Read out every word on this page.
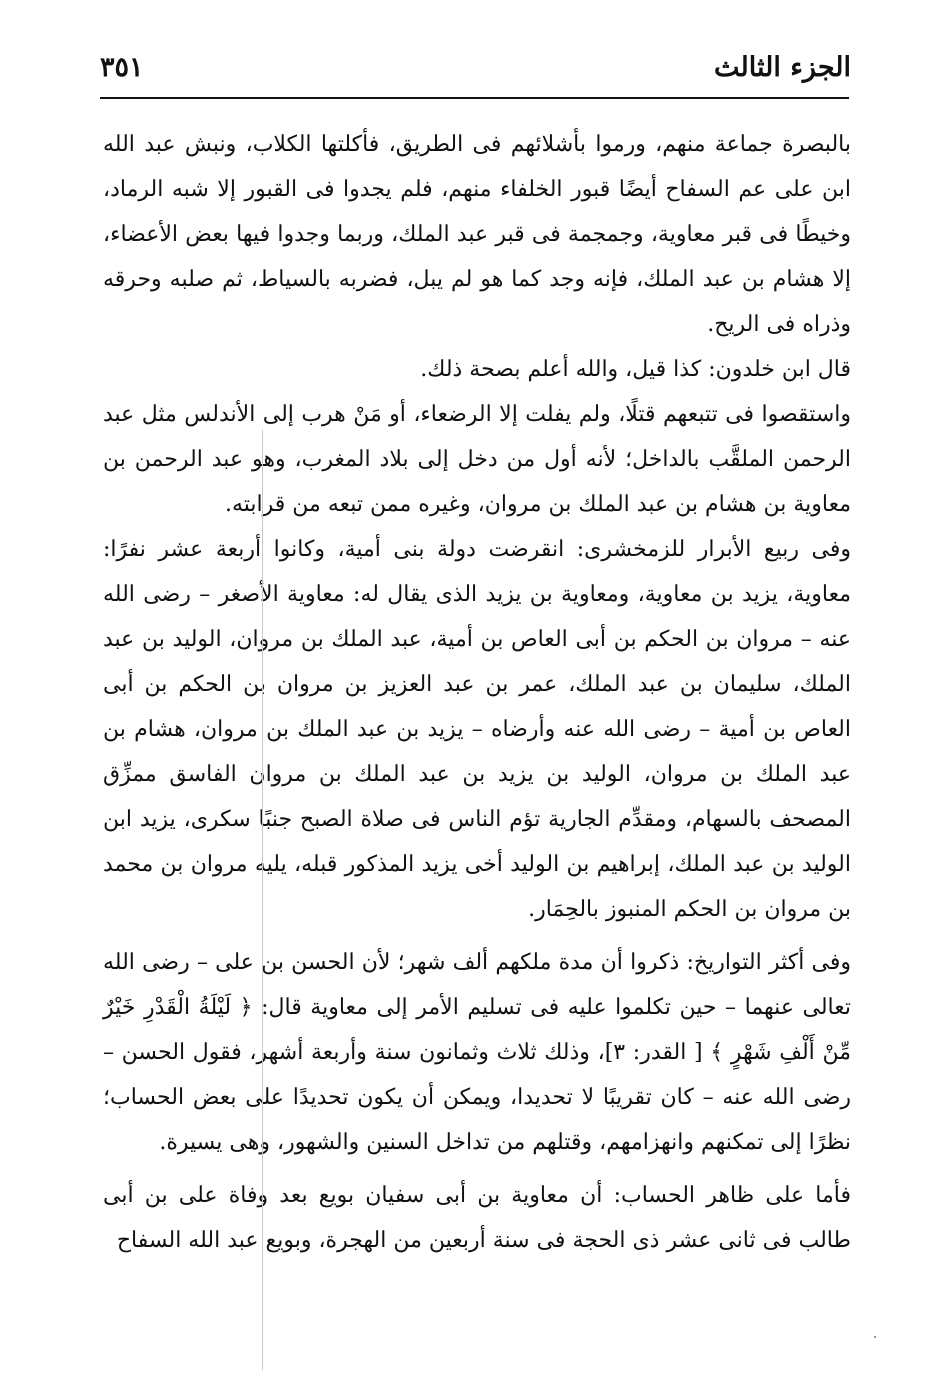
الجزء الثالث
٣٥١

بالبصرة جماعة منهم، ورموا بأشلائهم فى الطريق، فأكلتها الكلاب، ونبش عبد الله ابن على عم السفاح أيضًا قبور الخلفاء منهم، فلم يجدوا فى القبور إلا شبه الرماد، وخيطًا فى قبر معاوية، وجمجمة فى قبر عبد الملك، وربما وجدوا فيها بعض الأعضاء، إلا هشام بن عبد الملك، فإنه وجد كما هو لم يبل، فضربه بالسياط، ثم صلبه وحرقه وذراه فى الريح.

قال ابن خلدون: كذا قيل، والله أعلم بصحة ذلك.

واستقصوا فى تتبعهم قتلًا، ولم يفلت إلا الرضعاء، أو مَنْ هرب إلى الأندلس مثل عبد الرحمن الملقَّب بالداخل؛ لأنه أول من دخل إلى بلاد المغرب، وهو عبد الرحمن بن معاوية بن هشام بن عبد الملك بن مروان، وغيره ممن تبعه من قرابته.

وفى ربيع الأبرار للزمخشرى: انقرضت دولة بنى أمية، وكانوا أربعة عشر نفرًا: معاوية، يزيد بن معاوية، ومعاوية بن يزيد الذى يقال له: معاوية الأصغر – رضى الله عنه – مروان بن الحكم بن أبى العاص بن أمية، عبد الملك بن مروان، الوليد بن عبد الملك، سليمان بن عبد الملك، عمر بن عبد العزيز بن مروان بن الحكم بن أبى العاص بن أمية – رضى الله عنه وأرضاه – يزيد بن عبد الملك بن مروان، هشام بن عبد الملك بن مروان، الوليد بن يزيد بن عبد الملك بن مروان الفاسق ممزِّق المصحف بالسهام، ومقدِّم الجارية تؤم الناس فى صلاة الصبح جنبًا سكرى، يزيد ابن الوليد بن عبد الملك، إبراهيم بن الوليد أخى يزيد المذكور قبله، يليه مروان بن محمد بن مروان بن الحكم المنبوز بالحِمَار.

وفى أكثر التواريخ: ذكروا أن مدة ملكهم ألف شهر؛ لأن الحسن بن على – رضى الله تعالى عنهما – حين تكلموا عليه فى تسليم الأمر إلى معاوية قال: ﴿ لَيْلَةُ الْقَدْرِ خَيْرٌ مِّنْ أَلْفِ شَهْرٍ ﴾ [ القدر: ٣]، وذلك ثلاث وثمانون سنة وأربعة أشهر، فقول الحسن – رضى الله عنه – كان تقريبًا لا تحديدا، ويمكن أن يكون تحديدًا على بعض الحساب؛ نظرًا إلى تمكنهم وانهزامهم، وقتلهم من تداخل السنين والشهور، وهى يسيرة.

فأما على ظاهر الحساب: أن معاوية بن أبى سفيان بويع بعد وفاة على بن أبى طالب فى ثانى عشر ذى الحجة فى سنة أربعين من الهجرة، وبويع عبد الله السفاح
